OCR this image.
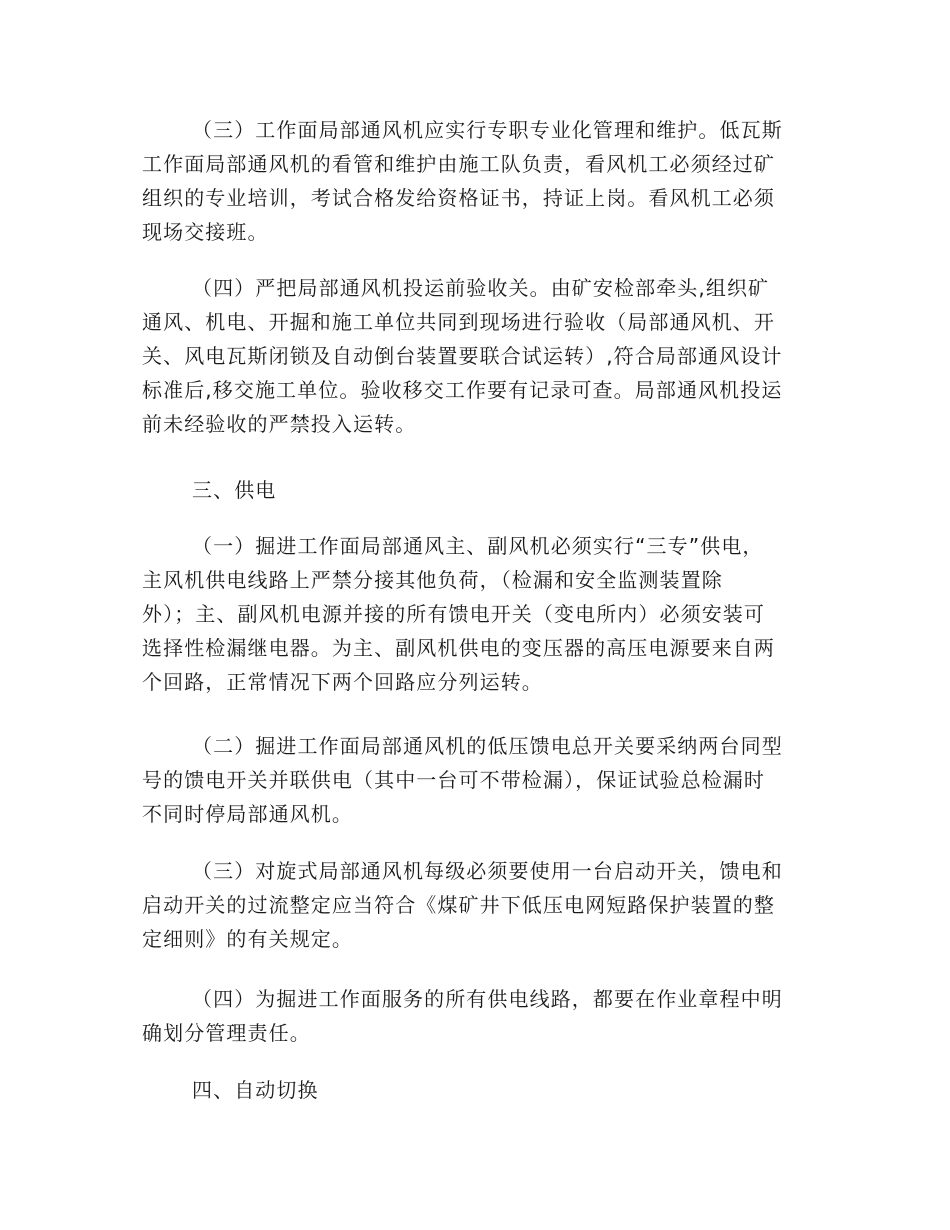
（三）工作面局部通风机应实行专职专业化管理和维护。低瓦斯
工作面局部通风机的看管和维护由施工队负责，看风机工必须经过矿
组织的专业培训，考试合格发给资格证书，持证上岗。看风机工必须
现场交接班。
（四）严把局部通风机投运前验收关。由矿安检部牵头,组织矿
通风、机电、开掘和施工单位共同到现场进行验收（局部通风机、开
关、风电瓦斯闭锁及自动倒台装置要联合试运转）,符合局部通风设计
标准后,移交施工单位。验收移交工作要有记录可查。局部通风机投运
前未经验收的严禁投入运转。
三、供电
（一）掘进工作面局部通风主、副风机必须实行“三专”供电，
主风机供电线路上严禁分接其他负荷，（检漏和安全监测装置除
外）；主、副风机电源并接的所有馈电开关（变电所内）必须安装可
选择性检漏继电器。为主、副风机供电的变压器的高压电源要来自两
个回路，正常情况下两个回路应分列运转。
（二）掘进工作面局部通风机的低压馈电总开关要采纳两台同型
号的馈电开关并联供电（其中一台可不带检漏），保证试验总检漏时
不同时停局部通风机。
（三）对旋式局部通风机每级必须要使用一台启动开关，馈电和
启动开关的过流整定应当符合《煤矿井下低压电网短路保护装置的整
定细则》的有关规定。
（四）为掘进工作面服务的所有供电线路，都要在作业章程中明
确划分管理责任。
四、自动切换
